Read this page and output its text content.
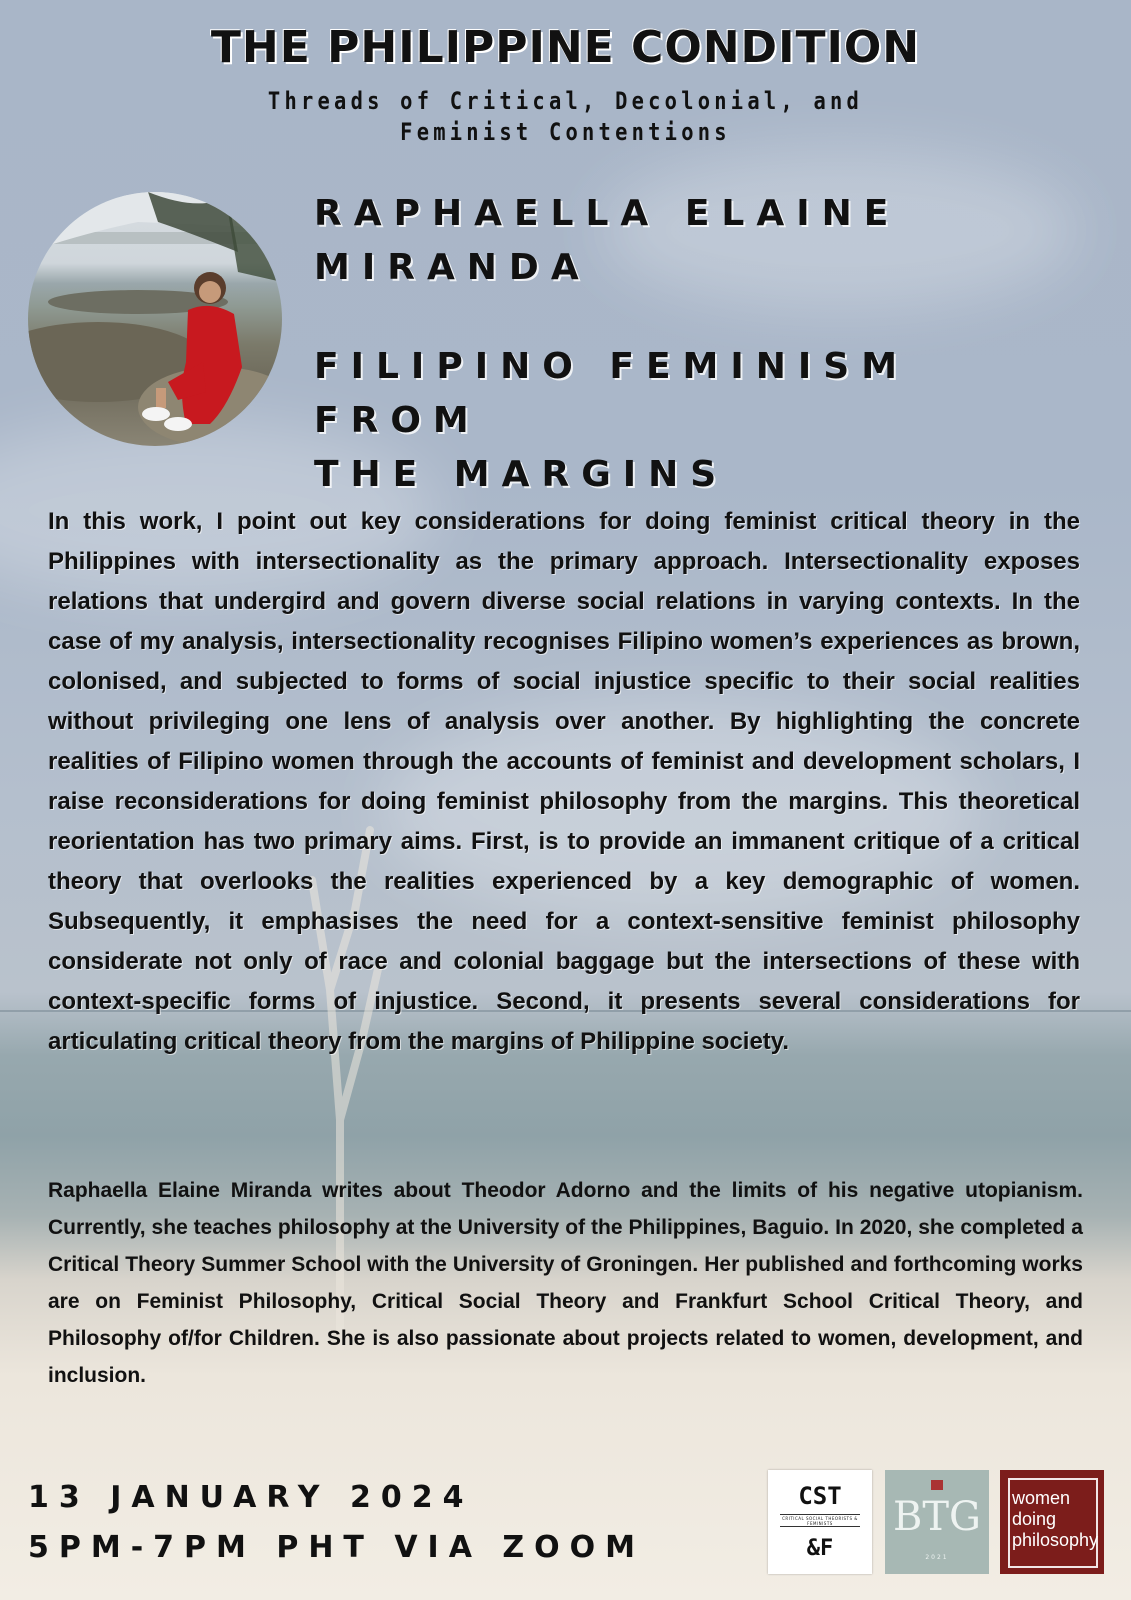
THE PHILIPPINE CONDITION
Threads of Critical, Decolonial, and
Feminist Contentions
RAPHAELLA ELAINE
MIRANDA
FILIPINO FEMINISM FROM
THE MARGINS

In this work, I point out key considerations for doing feminist critical theory in the Philippines with intersectionality as the primary approach. Intersectionality exposes relations that undergird and govern diverse social relations in varying contexts. In the case of my analysis, intersectionality recognises Filipino women’s experiences as brown, colonised, and subjected to forms of social injustice specific to their social realities without privileging one lens of analysis over another. By highlighting the concrete realities of Filipino women through the accounts of feminist and development scholars, I raise reconsiderations for doing feminist philosophy from the margins. This theoretical reorientation has two primary aims. First, is to provide an immanent critique of a critical theory that overlooks the realities experienced by a key demographic of women. Subsequently, it emphasises the need for a context-sensitive feminist philosophy considerate not only of race and colonial baggage but the intersections of these with context-specific forms of injustice. Second, it presents several considerations for articulating critical theory from the margins of Philippine society.

Raphaella Elaine Miranda writes about Theodor Adorno and the limits of his negative utopianism. Currently, she teaches philosophy at the University of the Philippines, Baguio. In 2020, she completed a Critical Theory Summer School with the University of Groningen. Her published and forthcoming works are on Feminist Philosophy, Critical Social Theory and Frankfurt School Critical Theory, and Philosophy of/for Children. She is also passionate about projects related to women, development, and inclusion.

13 JANUARY 2024
5PM-7PM PHT VIA ZOOM
CST
CRITICAL SOCIAL THEORISTS & FEMINISTS
&F
BTG
2021
women
doing
philosophy
